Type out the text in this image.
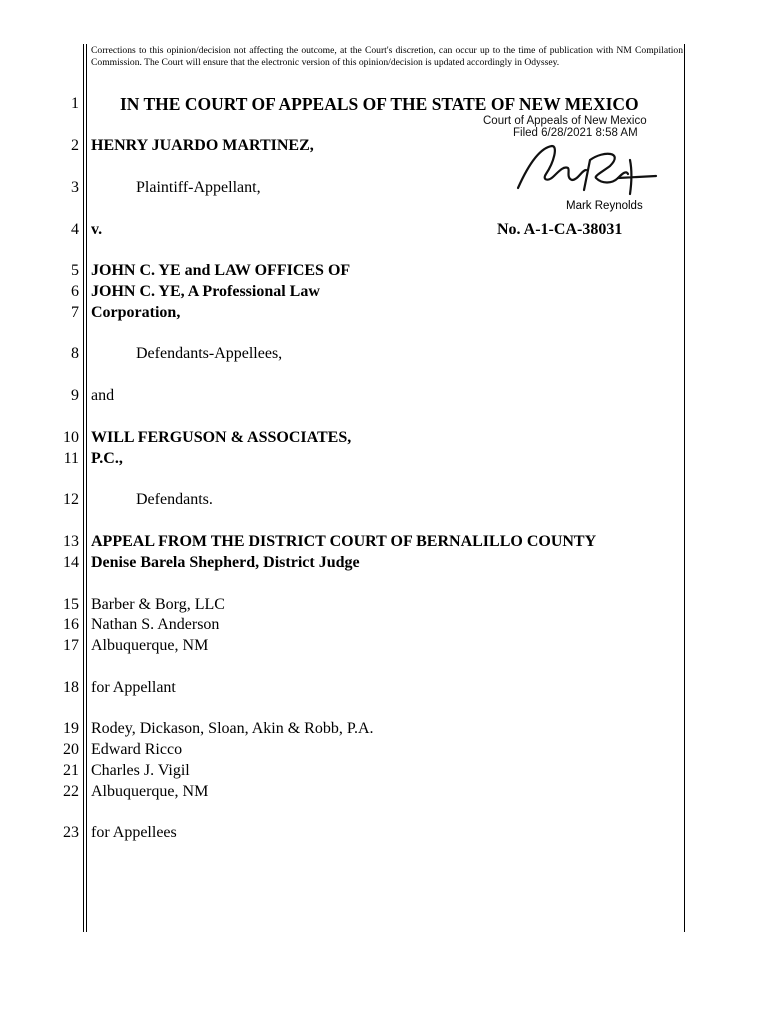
Corrections to this opinion/decision not affecting the outcome, at the Court's discretion, can occur up to the time of publication with NM Compilation Commission. The Court will ensure that the electronic version of this opinion/decision is updated accordingly in Odyssey.
1 IN THE COURT OF APPEALS OF THE STATE OF NEW MEXICO
Court of Appeals of New Mexico
Filed 6/28/2021 8:58 AM
Mark Reynolds
2 HENRY JUARDO MARTINEZ,
3	Plaintiff-Appellant,
4 v.	No. A-1-CA-38031
5 JOHN C. YE and LAW OFFICES OF
6 JOHN C. YE, A Professional Law
7 Corporation,
8	Defendants-Appellees,
9 and
10 WILL FERGUSON & ASSOCIATES,
11 P.C.,
12	Defendants.
13 APPEAL FROM THE DISTRICT COURT OF BERNALILLO COUNTY
14 Denise Barela Shepherd, District Judge
15 Barber & Borg, LLC
16 Nathan S. Anderson
17 Albuquerque, NM
18 for Appellant
19 Rodey, Dickason, Sloan, Akin & Robb, P.A.
20 Edward Ricco
21 Charles J. Vigil
22 Albuquerque, NM
23 for Appellees
